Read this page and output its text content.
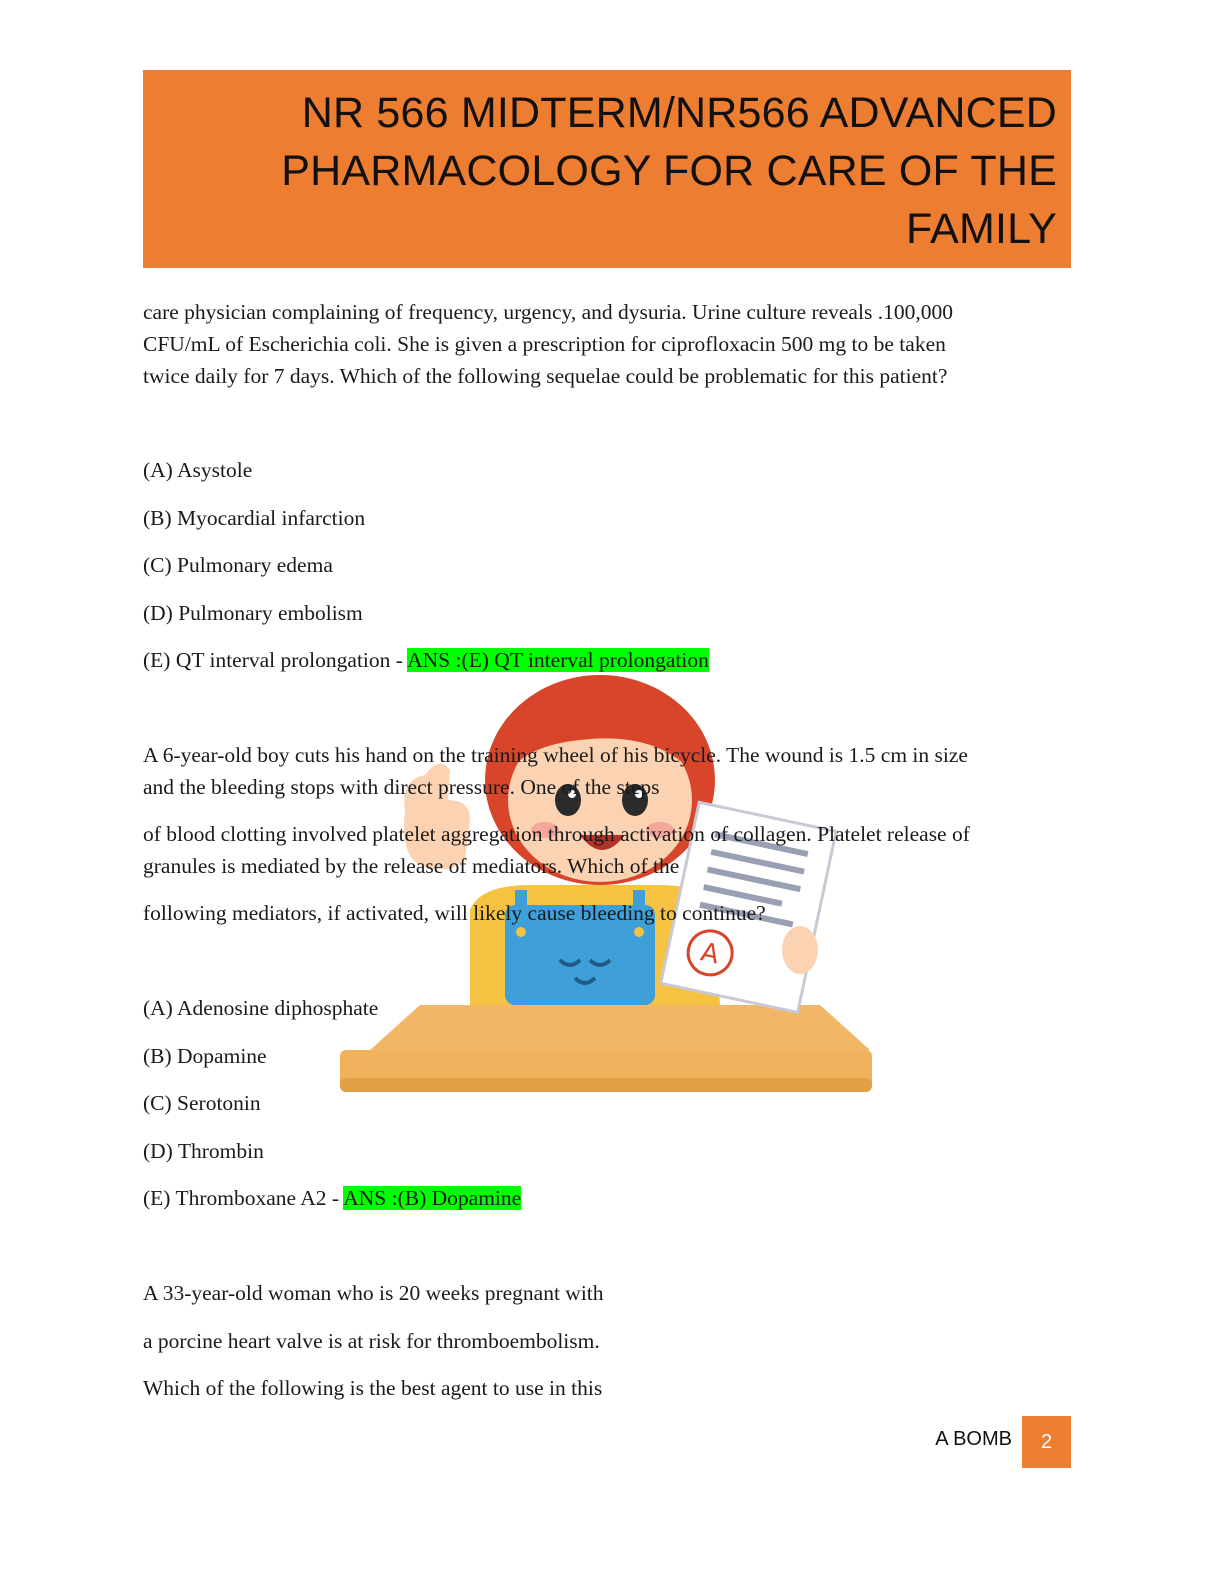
NR 566 MIDTERM/NR566 ADVANCED
PHARMACOLOGY FOR CARE OF THE
FAMILY
A

care physician complaining of frequency, urgency, and dysuria. Urine culture reveals .100,000

CFU/mL of Escherichia coli. She is given a prescription for ciprofloxacin 500 mg to be taken

twice daily for 7 days. Which of the following sequelae could be problematic for this patient?

(A) Asystole

(B) Myocardial infarction

(C) Pulmonary edema

(D) Pulmonary embolism

(E) QT interval prolongation - ANS :(E) QT interval prolongation

A 6-year-old boy cuts his hand on the training wheel of his bicycle. The wound is 1.5 cm in size

and the bleeding stops with direct pressure. One of the steps

of blood clotting involved platelet aggregation through activation of collagen. Platelet release of

granules is mediated by the release of mediators. Which of the

following mediators, if activated, will likely cause bleeding to continue?

(A) Adenosine diphosphate

(B) Dopamine

(C) Serotonin

(D) Thrombin

(E) Thromboxane A2 - ANS :(B) Dopamine

A 33-year-old woman who is 20 weeks pregnant with

a porcine heart valve is at risk for thromboembolism.

Which of the following is the best agent to use in this

A BOMB	2
